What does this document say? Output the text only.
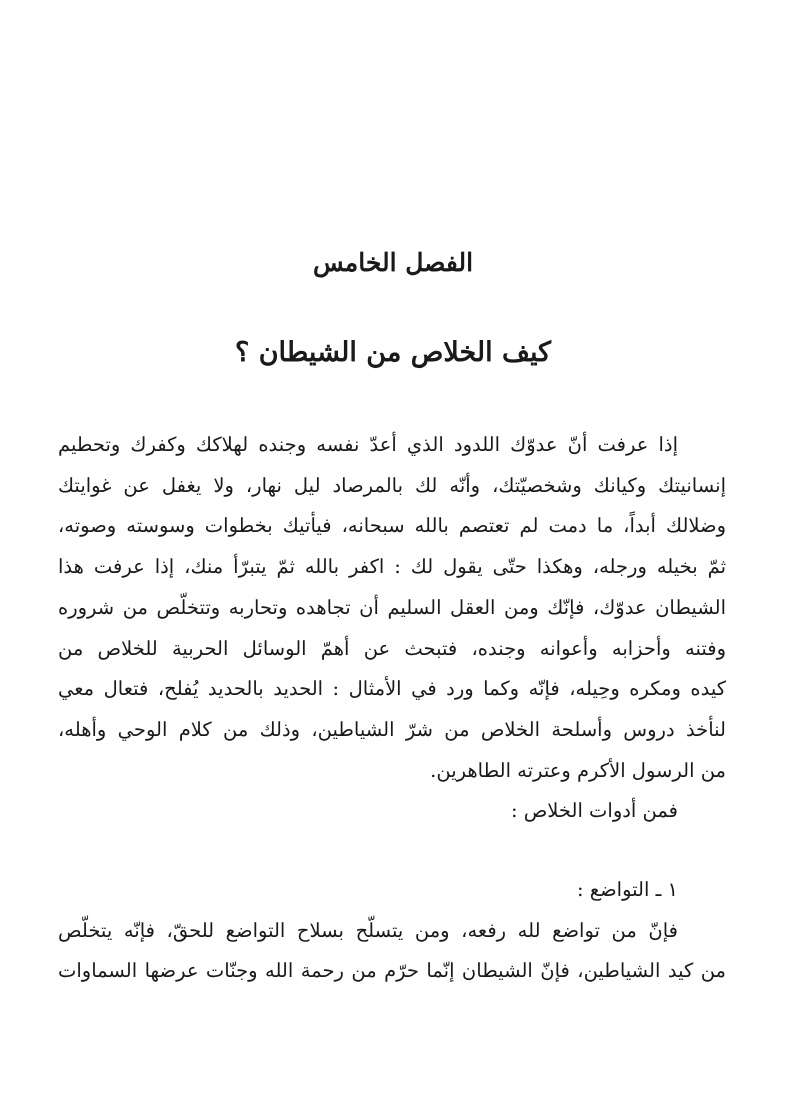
الفصل الخامس
كيف الخلاص من الشيطان ؟

إذا عرفت أنّ عدوّك اللدود الذي أعدّ نفسه وجنده لهلاكك وكفرك وتحطيم
إنسانيتك وكيانك وشخصيّتك، وأنّه لك بالمرصاد ليل نهار، ولا يغفل عن غوايتك
وضلالك أبداً، ما دمت لم تعتصم بالله سبحانه، فيأتيك بخطوات وسوسته وصوته،
ثمّ بخيله ورجله، وهكذا حتّى يقول لك : اكفر بالله ثمّ يتبرّأ منك، إذا عرفت هذا
الشيطان عدوّك، فإنّك ومن العقل السليم أن تجاهده وتحاربه وتتخلّص من شروره
وفتنه وأحزابه وأعوانه وجنده، فتبحث عن أهمّ الوسائل الحربية للخلاص من
كيده ومكره وحِيله، فإنّه وكما ورد في الأمثال : الحديد بالحديد يُفلح، فتعال معي
لنأخذ دروس وأسلحة الخلاص من شرّ الشياطين، وذلك من كلام الوحي وأهله،
من الرسول الأكرم وعترته الطاهرين.

فمن أدوات الخلاص :

١ ـ التواضع :

فإنّ من تواضع لله رفعه، ومن يتسلّح بسلاح التواضع للحقّ، فإنّه يتخلّص
من كيد الشياطين، فإنّ الشيطان إنّما حرّم من رحمة الله وجنّات عرضها السماوات
